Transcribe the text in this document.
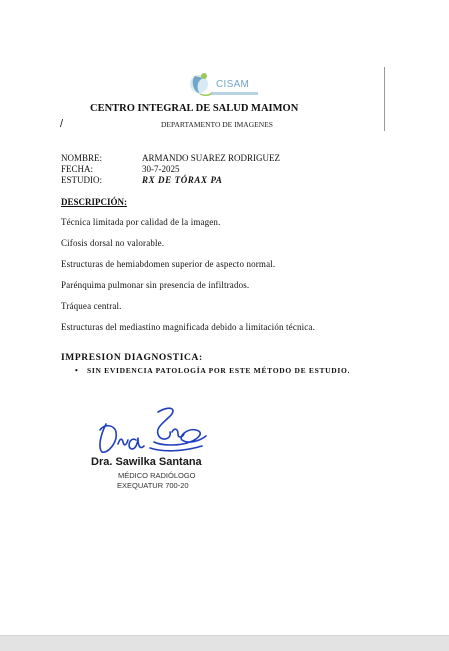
/
CISAM
CENTRO INTEGRAL DE SALUD MAIMON
DEPARTAMENTO DE IMAGENES
NOMBRE:	ARMANDO SUAREZ RODRIGUEZ
FECHA:	30-7-2025
ESTUDIO:	RX DE TÓRAX PA
DESCRIPCIÓN:
Técnica limitada por calidad de la imagen.
Cifosis dorsal no valorable.
Estructuras de hemiabdomen superior de aspecto normal.
Parénquima pulmonar sin presencia de infiltrados.
Tráquea central.
Estructuras del mediastino magnificada debido a limitación técnica.
IMPRESION DIAGNOSTICA:
• SIN EVIDENCIA PATOLOGÍA POR ESTE MÉTODO DE ESTUDIO.
Dra. Sawilka Santana
MÉDICO RADIÓLOGO
EXEQUATUR 700-20
